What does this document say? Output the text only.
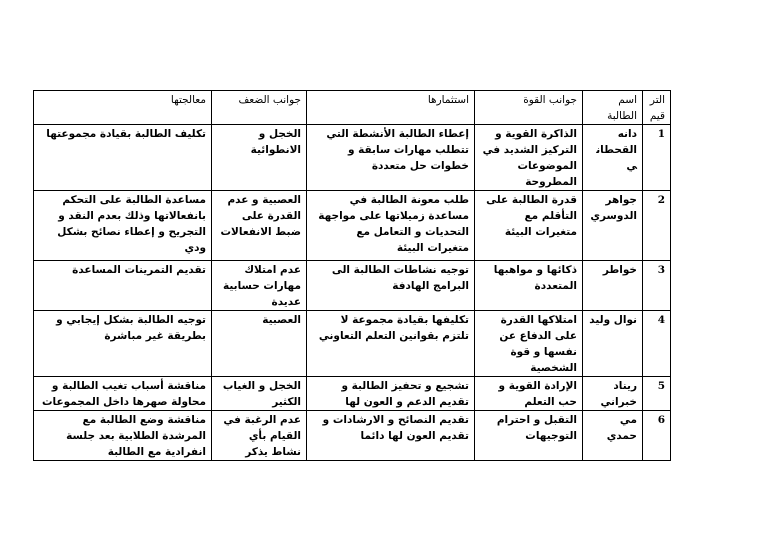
الترقيم	اسم الطالبة	جوانب القوة	استثمارها	جوانب الضعف	معالجتها
1	دانه القحطاني	الذاكرة القوية و التركيز الشديد في الموضوعات المطروحة	إعطاء الطالبة الأنشطة التي تتطلب مهارات سابقة و خطوات حل متعددة	الخجل و الانطوائية	تكليف الطالبة بقيادة مجموعتها
2	جواهر الدوسري	قدرة الطالبة على التأقلم مع متغيرات البيئة	طلب معونة الطالبة في مساعدة زميلاتها على مواجهة التحديات و التعامل مع متغيرات البيئة	العصبية و عدم القدرة على ضبط الانفعالات	مساعدة الطالبة على التحكم بانفعالاتها وذلك بعدم النقد و التجريح و إعطاء نصائح بشكل ودي
3	خواطر	ذكائها و مواهبها المتعددة	توجيه نشاطات الطالبة الى البرامج الهادفة	عدم امتلاك مهارات حسابية عديدة	تقديم التمرينات المساعدة
4	نوال وليد	امتلاكها القدرة على الدفاع عن نفسها و قوة الشخصية	تكليفها بقيادة مجموعة لا تلتزم بقوانين التعلم التعاوني	العصبية	توجيه الطالبة بشكل إيجابي و بطريقة غير مباشرة
5	ريناد خبراني	الإرادة القوية و حب التعلم	تشجيع و تحفيز الطالبة و تقديم الدعم و العون لها	الخجل و الغياب الكثير	مناقشة أسباب تغيب الطالبة و محاولة صهرها داخل المجموعات
6	مي حمدي	التقبل و احترام التوجيهات	تقديم النصائح و الارشادات و تقديم العون لها دائما	عدم الرغبة في القيام بأي نشاط يذكر	مناقشة وضع الطالبة مع المرشدة الطلابية بعد جلسة انفرادية مع الطالبة
